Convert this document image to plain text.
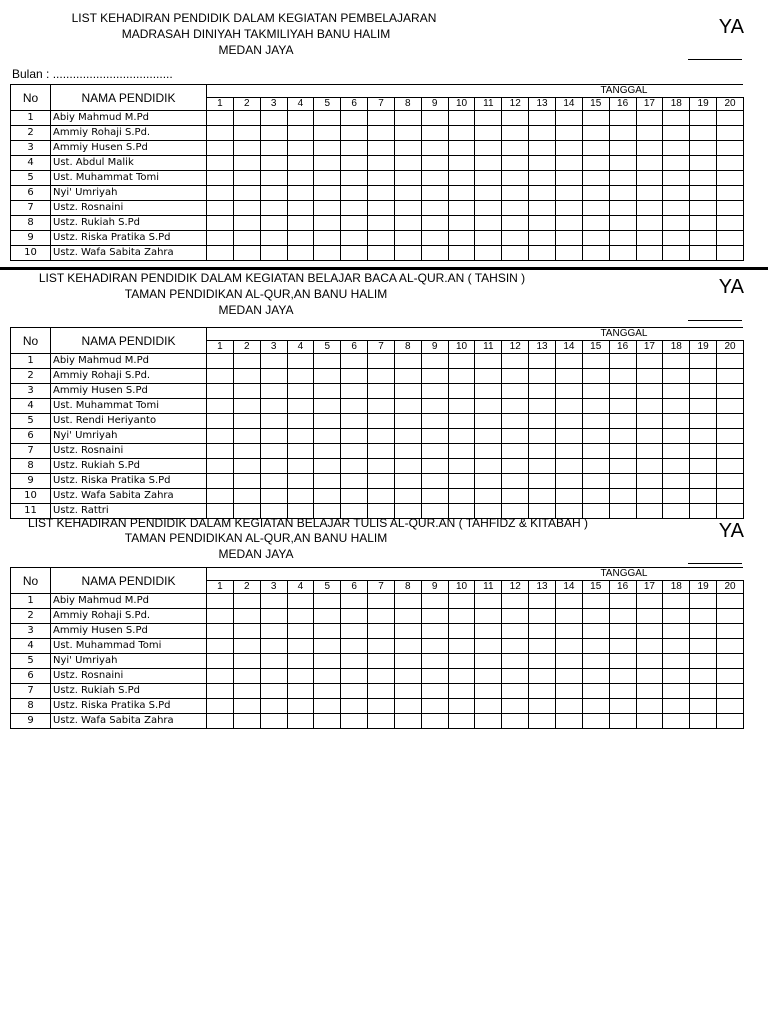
LIST KEHADIRAN PENDIDIK DALAM KEGIATAN PEMBELAJARAN
MADRASAH DINIYAH TAKMILIYAH BANU HALIM
MEDAN JAYA
YA
Bulan : ....................................
No	NAMA PENDIDIK	TANGGAL																			
		1	2	3	4	5	6	7	8	9	10	11	12	13	14	15	16	17	18	19	20
1	Abiy Mahmud M.Pd																				
2	Ammiy Rohaji S.Pd.																				
3	Ammiy Husen S.Pd																				
4	Ust. Abdul Malik																				
5	Ust. Muhammat Tomi																				
6	Nyi' Umriyah																				
7	Ustz. Rosnaini																				
8	Ustz. Rukiah S.Pd																				
9	Ustz. Riska Pratika S.Pd																				
10	Ustz. Wafa Sabita Zahra																				
LIST KEHADIRAN PENDIDIK DALAM KEGIATAN BELAJAR BACA AL-QUR.AN ( TAHSIN )
TAMAN PENDIDIKAN AL-QUR,AN BANU HALIM
MEDAN JAYA
YA
No	NAMA PENDIDIK	TANGGAL																			
		1	2	3	4	5	6	7	8	9	10	11	12	13	14	15	16	17	18	19	20
1	Abiy Mahmud M.Pd																				
2	Ammiy Rohaji S.Pd.																				
3	Ammiy Husen S.Pd																				
4	Ust. Muhammat Tomi																				
5	Ust. Rendi Heriyanto																				
6	Nyi' Umriyah																				
7	Ustz. Rosnaini																				
8	Ustz. Rukiah S.Pd																				
9	Ustz. Riska Pratika S.Pd																				
10	Ustz. Wafa Sabita Zahra																				
11	Ustz. Rattri																				
LIST KEHADIRAN PENDIDIK DALAM KEGIATAN BELAJAR TULIS AL-QUR.AN ( TAHFIDZ & KITABAH )
TAMAN PENDIDIKAN AL-QUR,AN BANU HALIM
MEDAN JAYA
YA
No	NAMA PENDIDIK	TANGGAL																			
		1	2	3	4	5	6	7	8	9	10	11	12	13	14	15	16	17	18	19	20
1	Abiy Mahmud M.Pd																				
2	Ammiy Rohaji S.Pd.																				
3	Ammiy Husen S.Pd																				
4	Ust. Muhammad Tomi																				
5	Nyi' Umriyah																				
6	Ustz. Rosnaini																				
7	Ustz. Rukiah S.Pd																				
8	Ustz. Riska Pratika S.Pd																				
9	Ustz. Wafa Sabita Zahra																				
